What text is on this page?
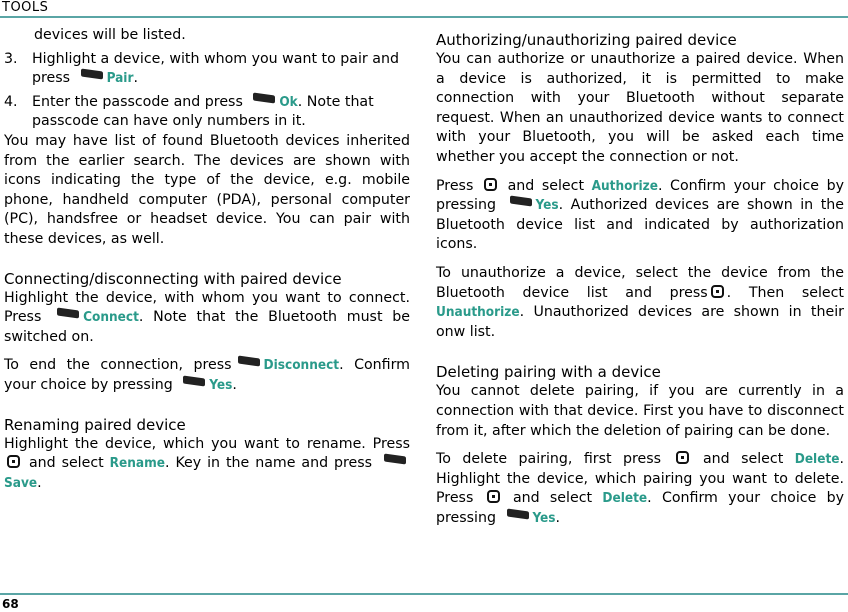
TOOLS

devices will be listed.

3. Highlight a device, with whom you want to pair and press	Pair.
4. Enter the passcode and press	Ok. Note that passcode can have only numbers in it.

You may have list of found Bluetooth devices inherited from the earlier search. The devices are shown with icons indicating the type of the device, e.g. mobile phone, handheld computer (PDA), personal computer (PC), handsfree or headset device. You can pair with these devices, as well.

Connecting/disconnecting with paired device

Highlight the device, with whom you want to connect. Press	Connect. Note that the Bluetooth must be switched on.

To end the connection, press Disconnect. Confirm your choice by pressing	Yes.

Renaming paired device

Highlight the device, which you want to rename. Press  and select Rename. Key in the name and press Save.

Authorizing/unauthorizing paired device

You can authorize or unauthorize a paired device. When a device is authorized, it is permitted to make connection with your Bluetooth without separate request. When an unauthorized device wants to connect with your Bluetooth, you will be asked each time whether you accept the connection or not.

Press and select Authorize. Confirm your choice by pressing	Yes. Authorized devices are shown in the Bluetooth device list and indicated by authorization icons.

To unauthorize a device, select the device from the Bluetooth device list and press . Then select Unauthorize. Unauthorized devices are shown in their onw list.

Deleting pairing with a device

You cannot delete pairing, if you are currently in a connection with that device. First you have to disconnect from it, after which the deletion of pairing can be done.

To delete pairing, first press	and select Delete. Highlight the device, which pairing you want to delete. Press	and select Delete. Confirm your choice by pressing	Yes.

68
